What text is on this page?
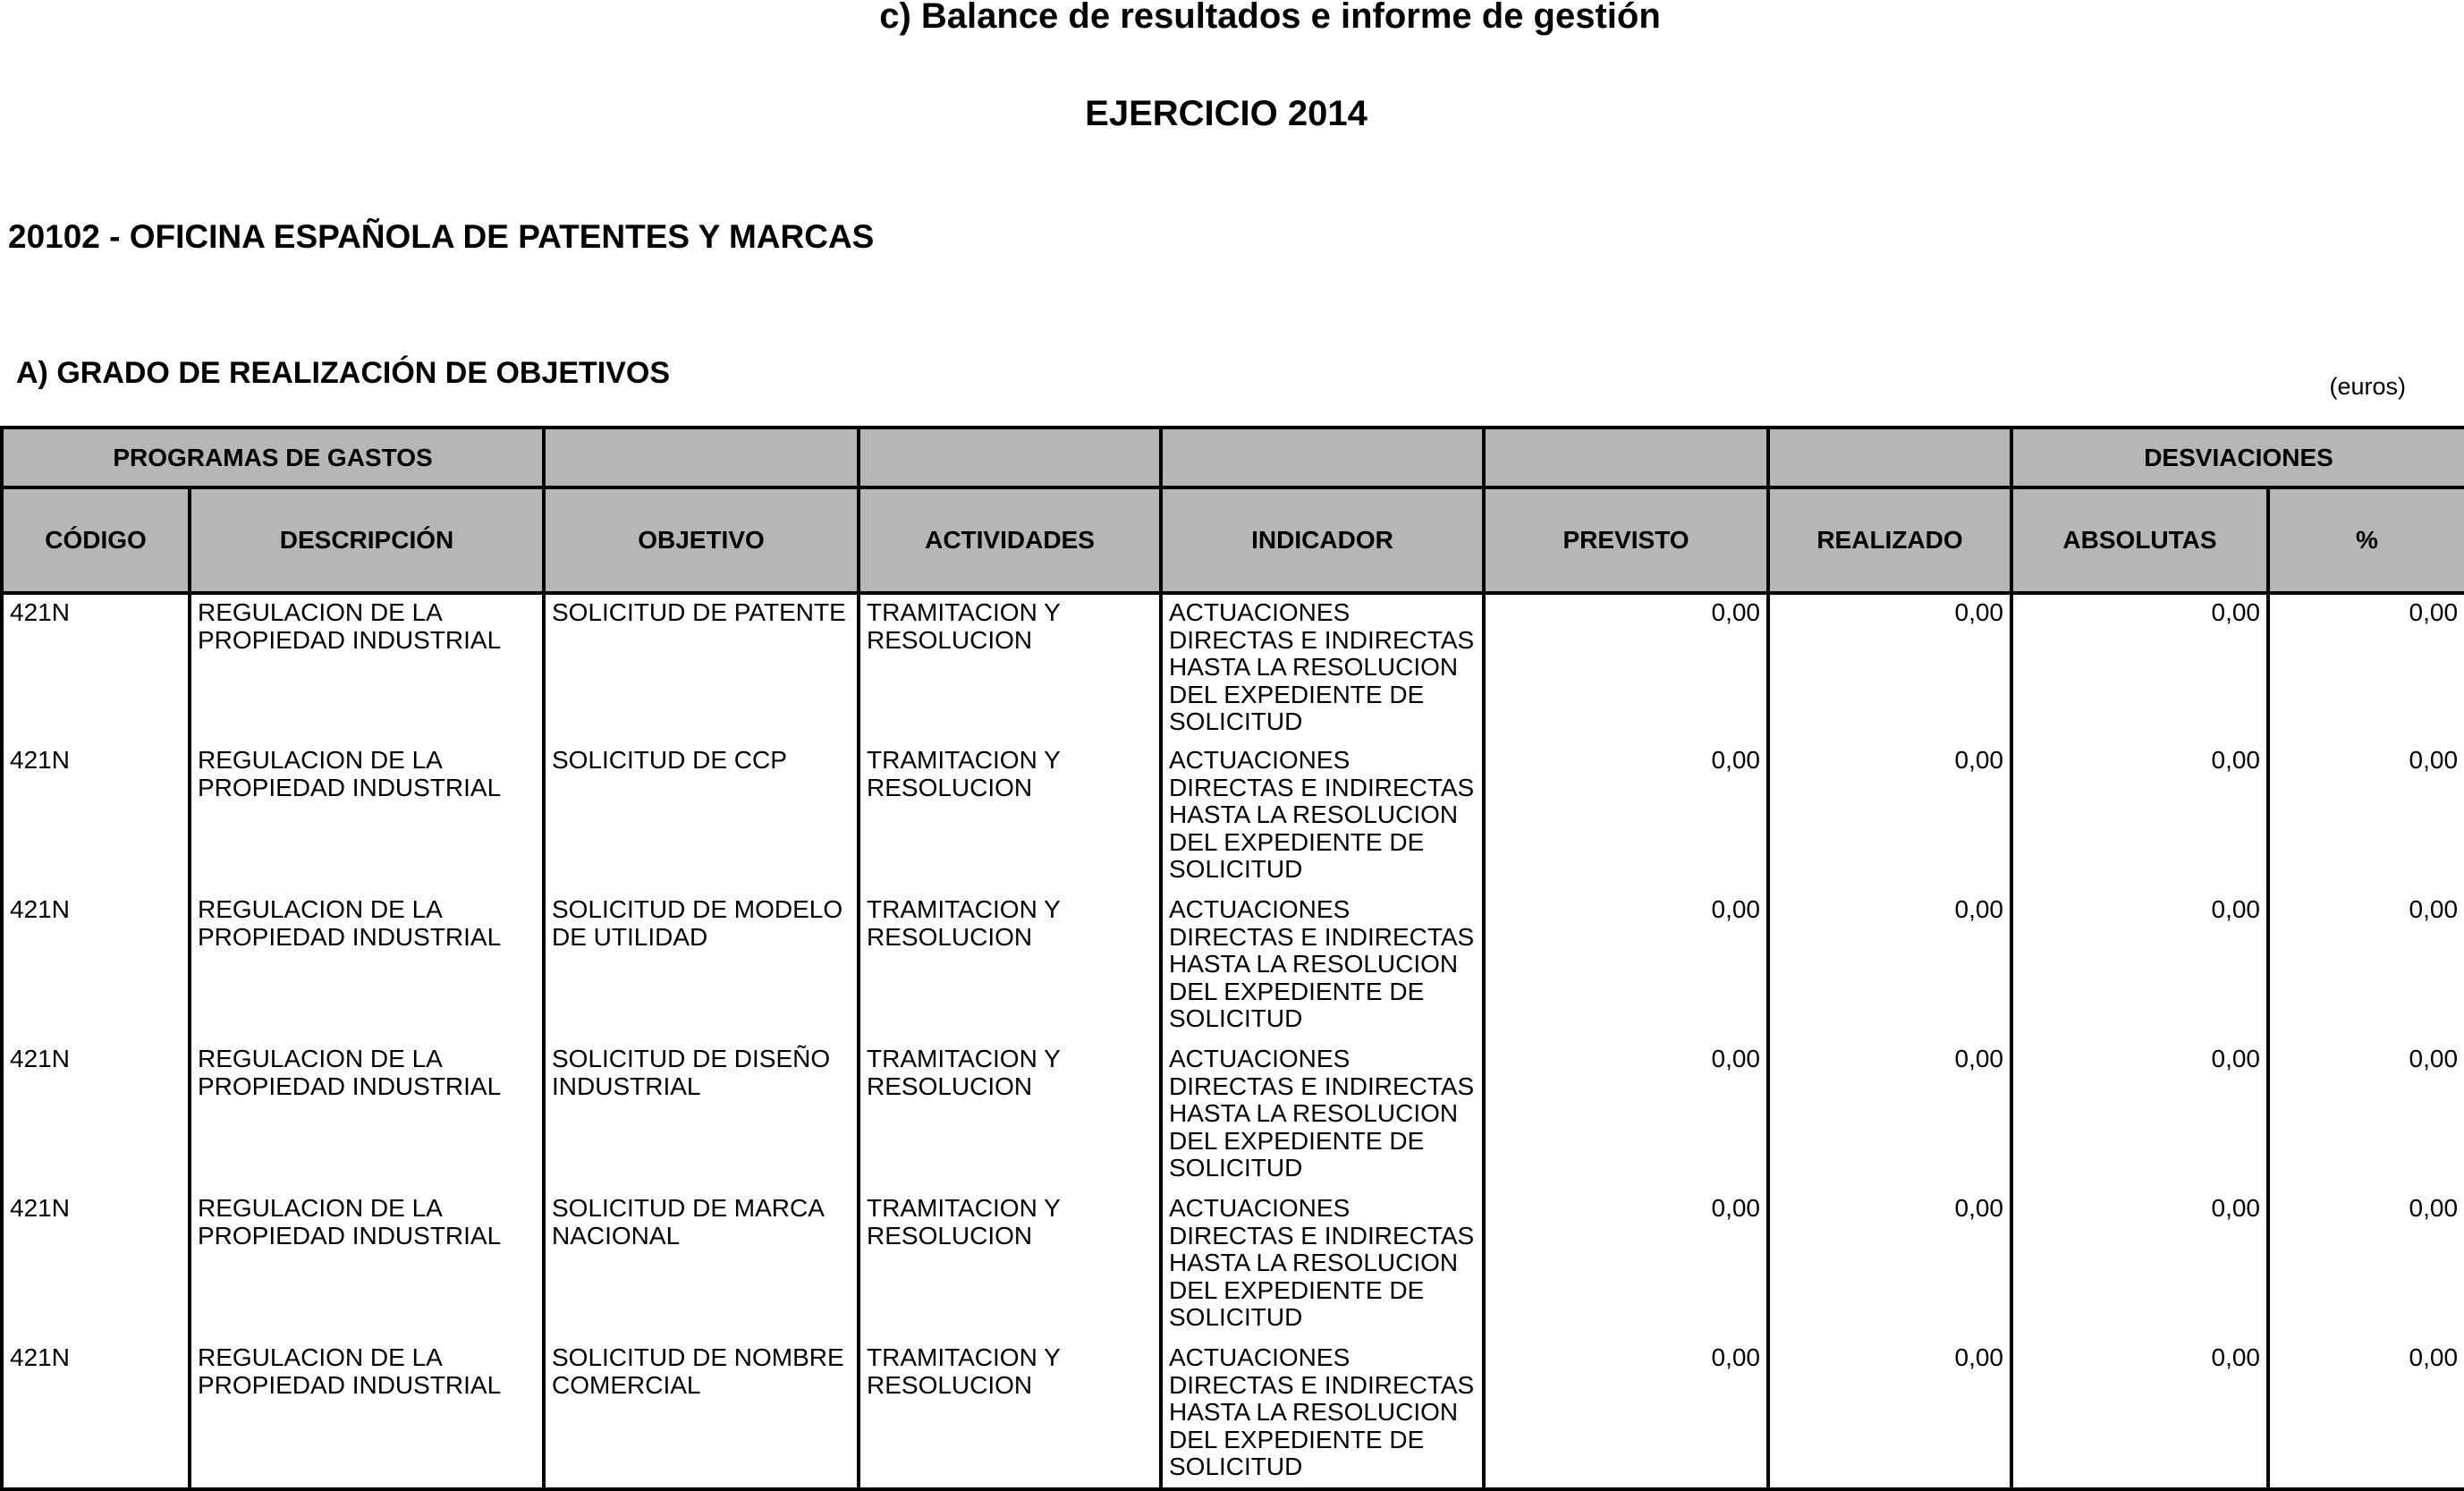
c) Balance de resultados e informe de gestión
EJERCICIO 2014
20102 - OFICINA ESPAÑOLA DE PATENTES Y MARCAS
A) GRADO DE REALIZACIÓN DE OBJETIVOS	(euros)
PROGRAMAS DE GASTOS							DESVIACIONES	
CÓDIGO	DESCRIPCIÓN	OBJETIVO	ACTIVIDADES	INDICADOR	PREVISTO	REALIZADO	ABSOLUTAS	%
421N	REGULACION DE LA PROPIEDAD INDUSTRIAL	SOLICITUD DE PATENTE	TRAMITACION Y RESOLUCION	ACTUACIONES DIRECTAS E INDIRECTAS HASTA LA RESOLUCION DEL EXPEDIENTE DE SOLICITUD	0,00	0,00	0,00	0,00
421N	REGULACION DE LA PROPIEDAD INDUSTRIAL	SOLICITUD DE CCP	TRAMITACION Y RESOLUCION	ACTUACIONES DIRECTAS E INDIRECTAS HASTA LA RESOLUCION DEL EXPEDIENTE DE SOLICITUD	0,00	0,00	0,00	0,00
421N	REGULACION DE LA PROPIEDAD INDUSTRIAL	SOLICITUD DE MODELO DE UTILIDAD	TRAMITACION Y RESOLUCION	ACTUACIONES DIRECTAS E INDIRECTAS HASTA LA RESOLUCION DEL EXPEDIENTE DE SOLICITUD	0,00	0,00	0,00	0,00
421N	REGULACION DE LA PROPIEDAD INDUSTRIAL	SOLICITUD DE DISEÑO INDUSTRIAL	TRAMITACION Y RESOLUCION	ACTUACIONES DIRECTAS E INDIRECTAS HASTA LA RESOLUCION DEL EXPEDIENTE DE SOLICITUD	0,00	0,00	0,00	0,00
421N	REGULACION DE LA PROPIEDAD INDUSTRIAL	SOLICITUD DE MARCA NACIONAL	TRAMITACION Y RESOLUCION	ACTUACIONES DIRECTAS E INDIRECTAS HASTA LA RESOLUCION DEL EXPEDIENTE DE SOLICITUD	0,00	0,00	0,00	0,00
421N	REGULACION DE LA PROPIEDAD INDUSTRIAL	SOLICITUD DE NOMBRE COMERCIAL	TRAMITACION Y RESOLUCION	ACTUACIONES DIRECTAS E INDIRECTAS HASTA LA RESOLUCION DEL EXPEDIENTE DE SOLICITUD	0,00	0,00	0,00	0,00
